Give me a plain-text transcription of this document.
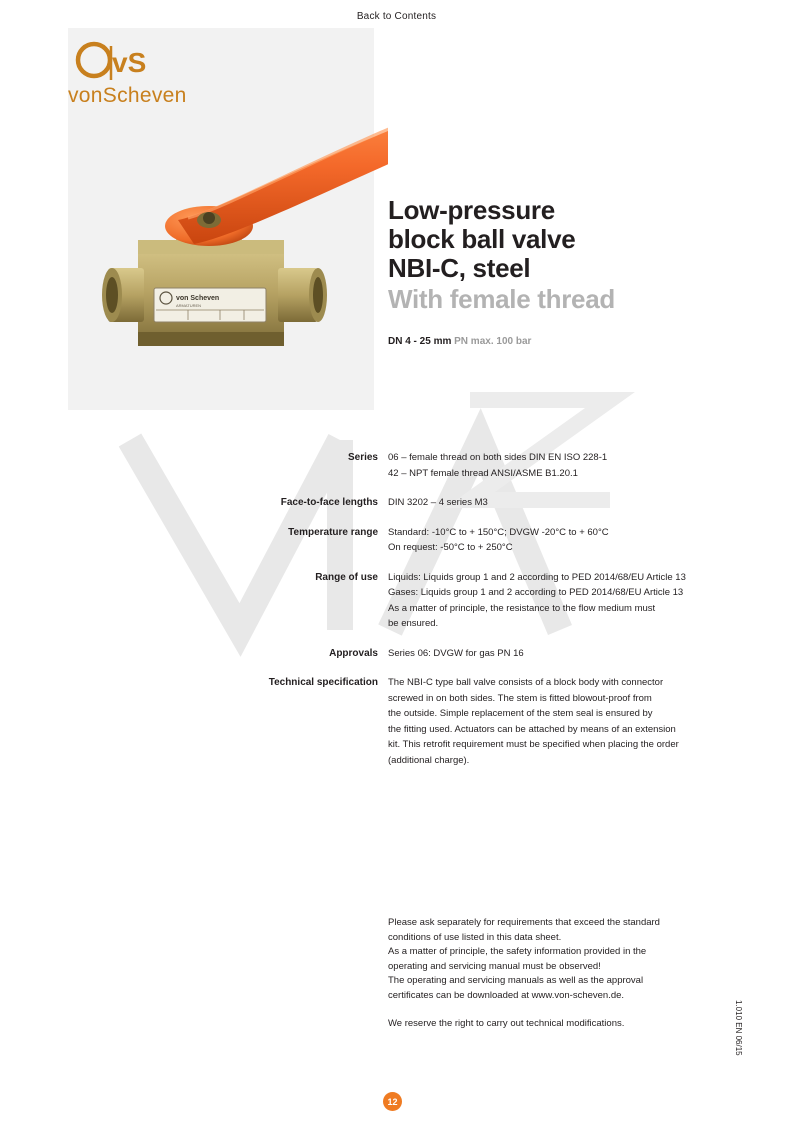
Back to Contents
von Scheven
ARMATUREN
vS
vonScheven
Low-pressure
block ball valve
NBI-C, steel
With female thread
DN 4 - 25 mm PN max. 100 bar
Series	06 – female thread on both sides DIN EN ISO 228-1
42 – NPT female thread ANSI/ASME B1.20.1
Face-to-face lengths	DIN 3202 – 4 series M3
Temperature range	Standard: -10°C to + 150°C; DVGW -20°C to + 60°C
On request: -50°C to + 250°C
Range of use	Liquids: Liquids group 1 and 2 according to PED 2014/68/EU Article 13
Gases: Liquids group 1 and 2 according to PED 2014/68/EU Article 13
As a matter of principle, the resistance to the flow medium must
be ensured.
Approvals	Series 06: DVGW for gas PN 16
Technical specification	The NBI-C type ball valve consists of a block body with connector
screwed in on both sides. The stem is fitted blowout-proof from
the outside. Simple replacement of the stem seal is ensured by
the fitting used. Actuators can be attached by means of an extension
kit. This retrofit requirement must be specified when placing the order
(additional charge).

Please ask separately for requirements that exceed the standard

conditions of use listed in this data sheet.

As a matter of principle, the safety information provided in the

operating and servicing manual must be observed!

The operating and servicing manuals as well as the approval

certificates can be downloaded at www.von-scheven.de.

We reserve the right to carry out technical modifications.	1.010 EN 06/15
12
